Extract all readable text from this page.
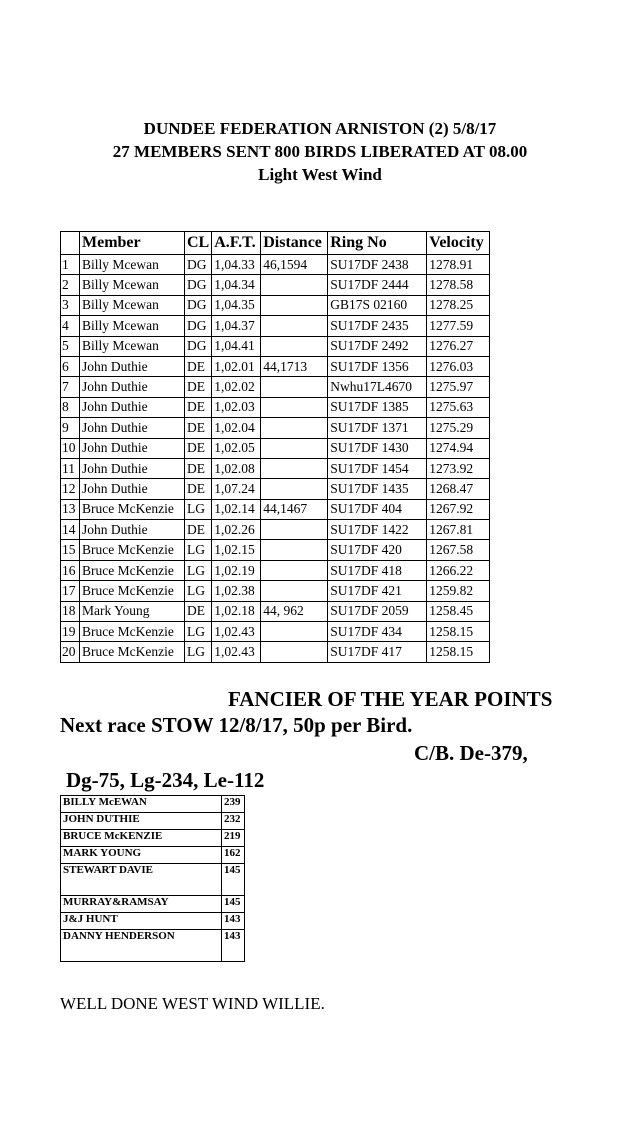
DUNDEE FEDERATION ARNISTON (2) 5/8/17
27 MEMBERS SENT 800 BIRDS LIBERATED AT 08.00
Light West Wind
	Member	CL	A.F.T.	Distance	Ring No	Velocity
1	Billy Mcewan	DG	1,04.33	46,1594	SU17DF 2438	1278.91
2	Billy Mcewan	DG	1,04.34		SU17DF 2444	1278.58
3	Billy Mcewan	DG	1,04.35		GB17S 02160	1278.25
4	Billy Mcewan	DG	1,04.37		SU17DF 2435	1277.59
5	Billy Mcewan	DG	1,04.41		SU17DF 2492	1276.27
6	John Duthie	DE	1,02.01	44,1713	SU17DF 1356	1276.03
7	John Duthie	DE	1,02.02		Nwhu17L4670	1275.97
8	John Duthie	DE	1,02.03		SU17DF 1385	1275.63
9	John Duthie	DE	1,02.04		SU17DF 1371	1275.29
10	John Duthie	DE	1,02.05		SU17DF 1430	1274.94
11	John Duthie	DE	1,02.08		SU17DF 1454	1273.92
12	John Duthie	DE	1,07.24		SU17DF 1435	1268.47
13	Bruce McKenzie	LG	1,02.14	44,1467	SU17DF 404	1267.92
14	John Duthie	DE	1,02.26		SU17DF 1422	1267.81
15	Bruce McKenzie	LG	1,02.15		SU17DF 420	1267.58
16	Bruce McKenzie	LG	1,02.19		SU17DF 418	1266.22
17	Bruce McKenzie	LG	1,02.38		SU17DF 421	1259.82
18	Mark Young	DE	1,02.18	44, 962	SU17DF 2059	1258.45
19	Bruce McKenzie	LG	1,02.43		SU17DF 434	1258.15
20	Bruce McKenzie	LG	1,02.43		SU17DF 417	1258.15
FANCIER OF THE YEAR POINTS

Next race STOW 12/8/17, 50p per Bird.

C/B. De-379,

Dg-75, Lg-234, Le-112

BILLY McEWAN	239
JOHN DUTHIE	232
BRUCE McKENZIE	219
MARK YOUNG	162
STEWART DAVIE	145
MURRAY&RAMSAY	145
J&J HUNT	143
DANNY HENDERSON	143

WELL DONE WEST WIND WILLIE.
